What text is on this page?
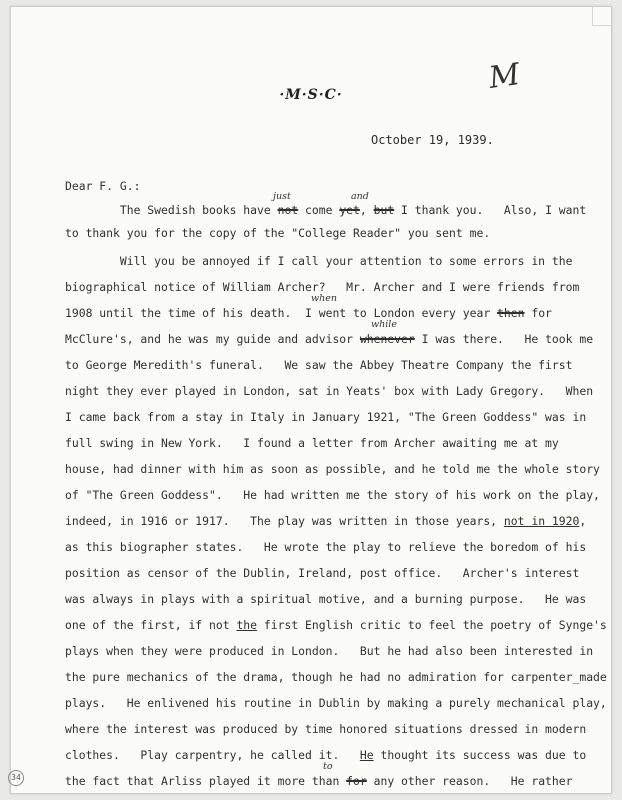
M
·M·S·C·
October 19, 1939.
Dear F. G.:
The Swedish books have not come yet, but I thank you.   Also, I want
just	and
to thank you for the copy of the "College Reader" you sent me.
Will you be annoyed if I call your attention to some errors in the
biographical notice of William Archer?   Mr. Archer and I were friends from
1908 until the time of his death.  I went to London every year then for
when
McClure's, and he was my guide and advisor whenever I was there.   He took me
while
to George Meredith's funeral.   We saw the Abbey Theatre Company the first
night they ever played in London, sat in Yeats' box with Lady Gregory.   When
I came back from a stay in Italy in January 1921, "The Green Goddess" was in
full swing in New York.   I found a letter from Archer awaiting me at my
house, had dinner with him as soon as possible, and he told me the whole story
of "The Green Goddess".   He had written me the story of his work on the play,
indeed, in 1916 or 1917.   The play was written in those years, not in 1920,
as this biographer states.   He wrote the play to relieve the boredom of his
position as censor of the Dublin, Ireland, post office.   Archer's interest
was always in plays with a spiritual motive, and a burning purpose.   He was
one of the first, if not the first English critic to feel the poetry of Synge's
plays when they were produced in London.   But he had also been interested in
the pure mechanics of the drama, though he had no admiration for carpenter_made
plays.   He enlivened his routine in Dublin by making a purely mechanical play,
where the interest was produced by time honored situations dressed in modern
clothes.   Play carpentry, he called it.   He thought its success was due to
the fact that Arliss played it more than for any other reason.   He rather
to
34
